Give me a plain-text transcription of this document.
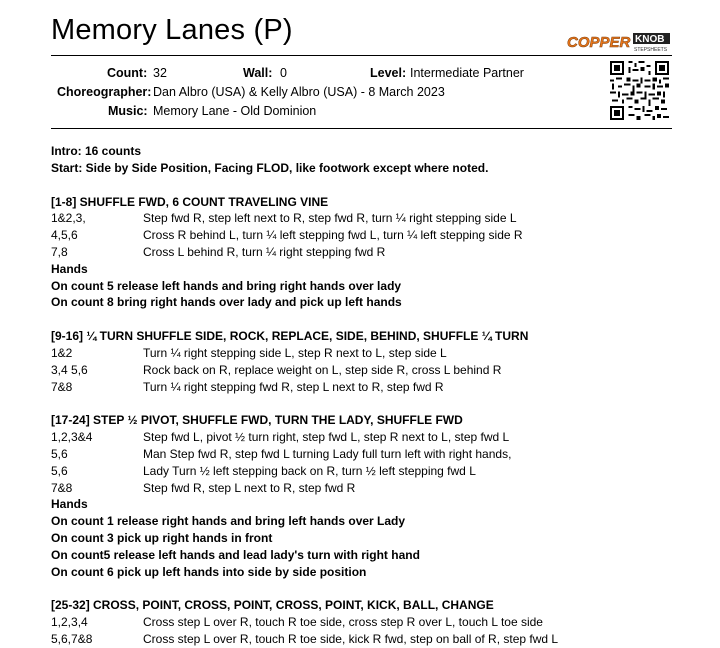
Memory Lanes (P)	COPPER KNOB
STEPSHEETS
Count: 32	Wall: 0	Level: Intermediate Partner
Choreographer: Dan Albro (USA) & Kelly Albro (USA) - 8 March 2023
Music: Memory Lane - Old Dominion
Intro: 16 counts
Start: Side by Side Position, Facing FLOD, like footwork except where noted.
[1-8] SHUFFLE FWD, 6 COUNT TRAVELING VINE
1&2,3,	Step fwd R, step left next to R, step fwd R, turn ¼ right stepping side L
4,5,6	Cross R behind L, turn ¼ left stepping fwd L, turn ¼ left stepping side R
7,8	Cross L behind R, turn ¼ right stepping fwd R
Hands
On count 5 release left hands and bring right hands over lady
On count 8 bring right hands over lady and pick up left hands
[9-16] ¼ TURN SHUFFLE SIDE, ROCK, REPLACE, SIDE, BEHIND, SHUFFLE ¼ TURN
1&2	Turn ¼ right stepping side L, step R next to L, step side L
3,4 5,6	Rock back on R, replace weight on L, step side R, cross L behind R
7&8	Turn ¼ right stepping fwd R, step L next to R, step fwd R
[17-24] STEP ½ PIVOT, SHUFFLE FWD, TURN THE LADY, SHUFFLE FWD
1,2,3&4	Step fwd L, pivot ½ turn right, step fwd L, step R next to L, step fwd L
5,6	Man Step fwd R, step fwd L turning Lady full turn left with right hands,
5,6	Lady Turn ½ left stepping back on R, turn ½ left stepping fwd L
7&8	Step fwd R, step L next to R, step fwd R
Hands
On count 1 release right hands and bring left hands over Lady
On count 3 pick up right hands in front
On count5 release left hands and lead lady's turn with right hand
On count 6 pick up left hands into side by side position
[25-32] CROSS, POINT, CROSS, POINT, CROSS, POINT, KICK, BALL, CHANGE
1,2,3,4	Cross step L over R, touch R toe side, cross step R over L, touch L toe side
5,6,7&8	Cross step L over R, touch R toe side, kick R fwd, step on ball of R, step fwd L
